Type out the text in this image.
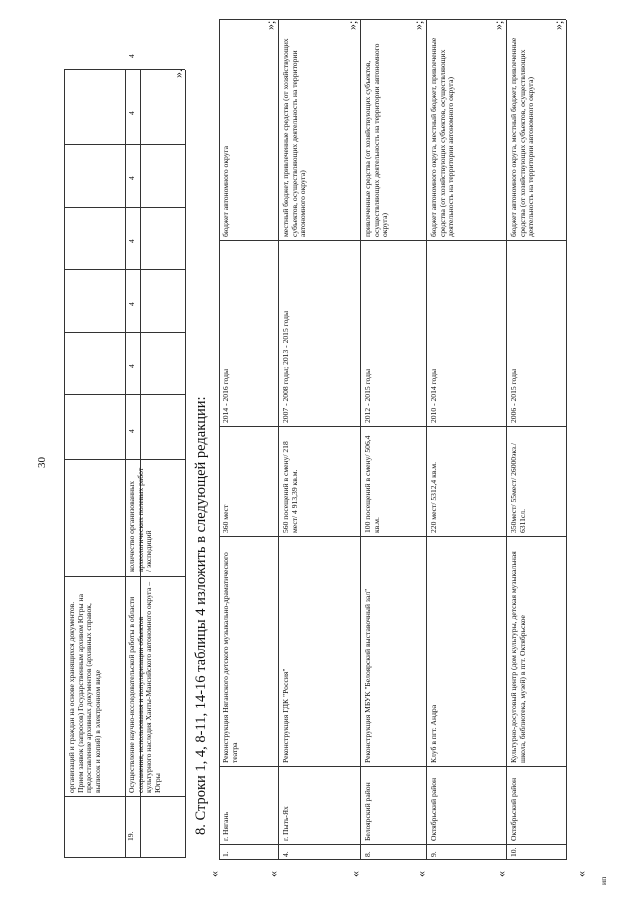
30
организаций и граждан на основе хранящихся документов. Прием заявок (запросов) Государственным архивом Югры на предоставление архивных документов (архивных справок, выписок и копий) в электронном виде
19.
Осуществление научно-исследовательской работы в области сохранения, использования и популяризации объектов культурного наследия Ханты-Мансийского автономного округа – Югры
количество организованных археологических полевых работ / экспедиций
4
4
4
4
4
4
4
».
8. Строки 1, 4, 8-11, 14-16 таблицы 4 изложить в следующей редакции:
«
1.
г. Нягань
Реконструкция Няганского детского музыкально-драматического театра
360 мест
2014 - 2016 годы
бюджет автономного округа
»;
«
4.
г. Пыть-Ях
Реконструкция ГДК "Россия"
560 посещений в смену/ 218 мест/ 4 913,39 кв.м.
2007 - 2008 годы; 2013 - 2015 годы
местный бюджет, привлеченные средства (от хозяйствующих субъектов, осуществляющих деятельность на территории автономного округа)
»;
«
8.
Белоярский район
Реконструкция МБУК "Белоярский выставочный зал"
100 посещений в смену/ 506,4 кв.м.
2012 - 2015 годы
привлеченные средства (от хозяйствующих субъектов, осуществляющих деятельность на территории автономного округа)
»;
«
9.
Октябрьский район
Клуб в пгт. Андра
220 мест/ 5312,4 кв.м.
2010 - 2014 годы
бюджет автономного округа, местный бюджет, привлеченные средства (от хозяйствующих субъектов, осуществляющих деятельность на территории автономного округа)
»;
«
10.
Октябрьский район
Культурно-досуговый центр (дом культуры, детская музыкальная школа, библиотека, музей) в пгт. Октябрьское
350мест/ 55мест/ 26000экз./ 6311сл.
2006 - 2015 годы
бюджет автономного округа, местный бюджет, привлеченные средства (от хозяйствующих субъектов, осуществляющих деятельность на территории автономного округа)
»;
«
ип
